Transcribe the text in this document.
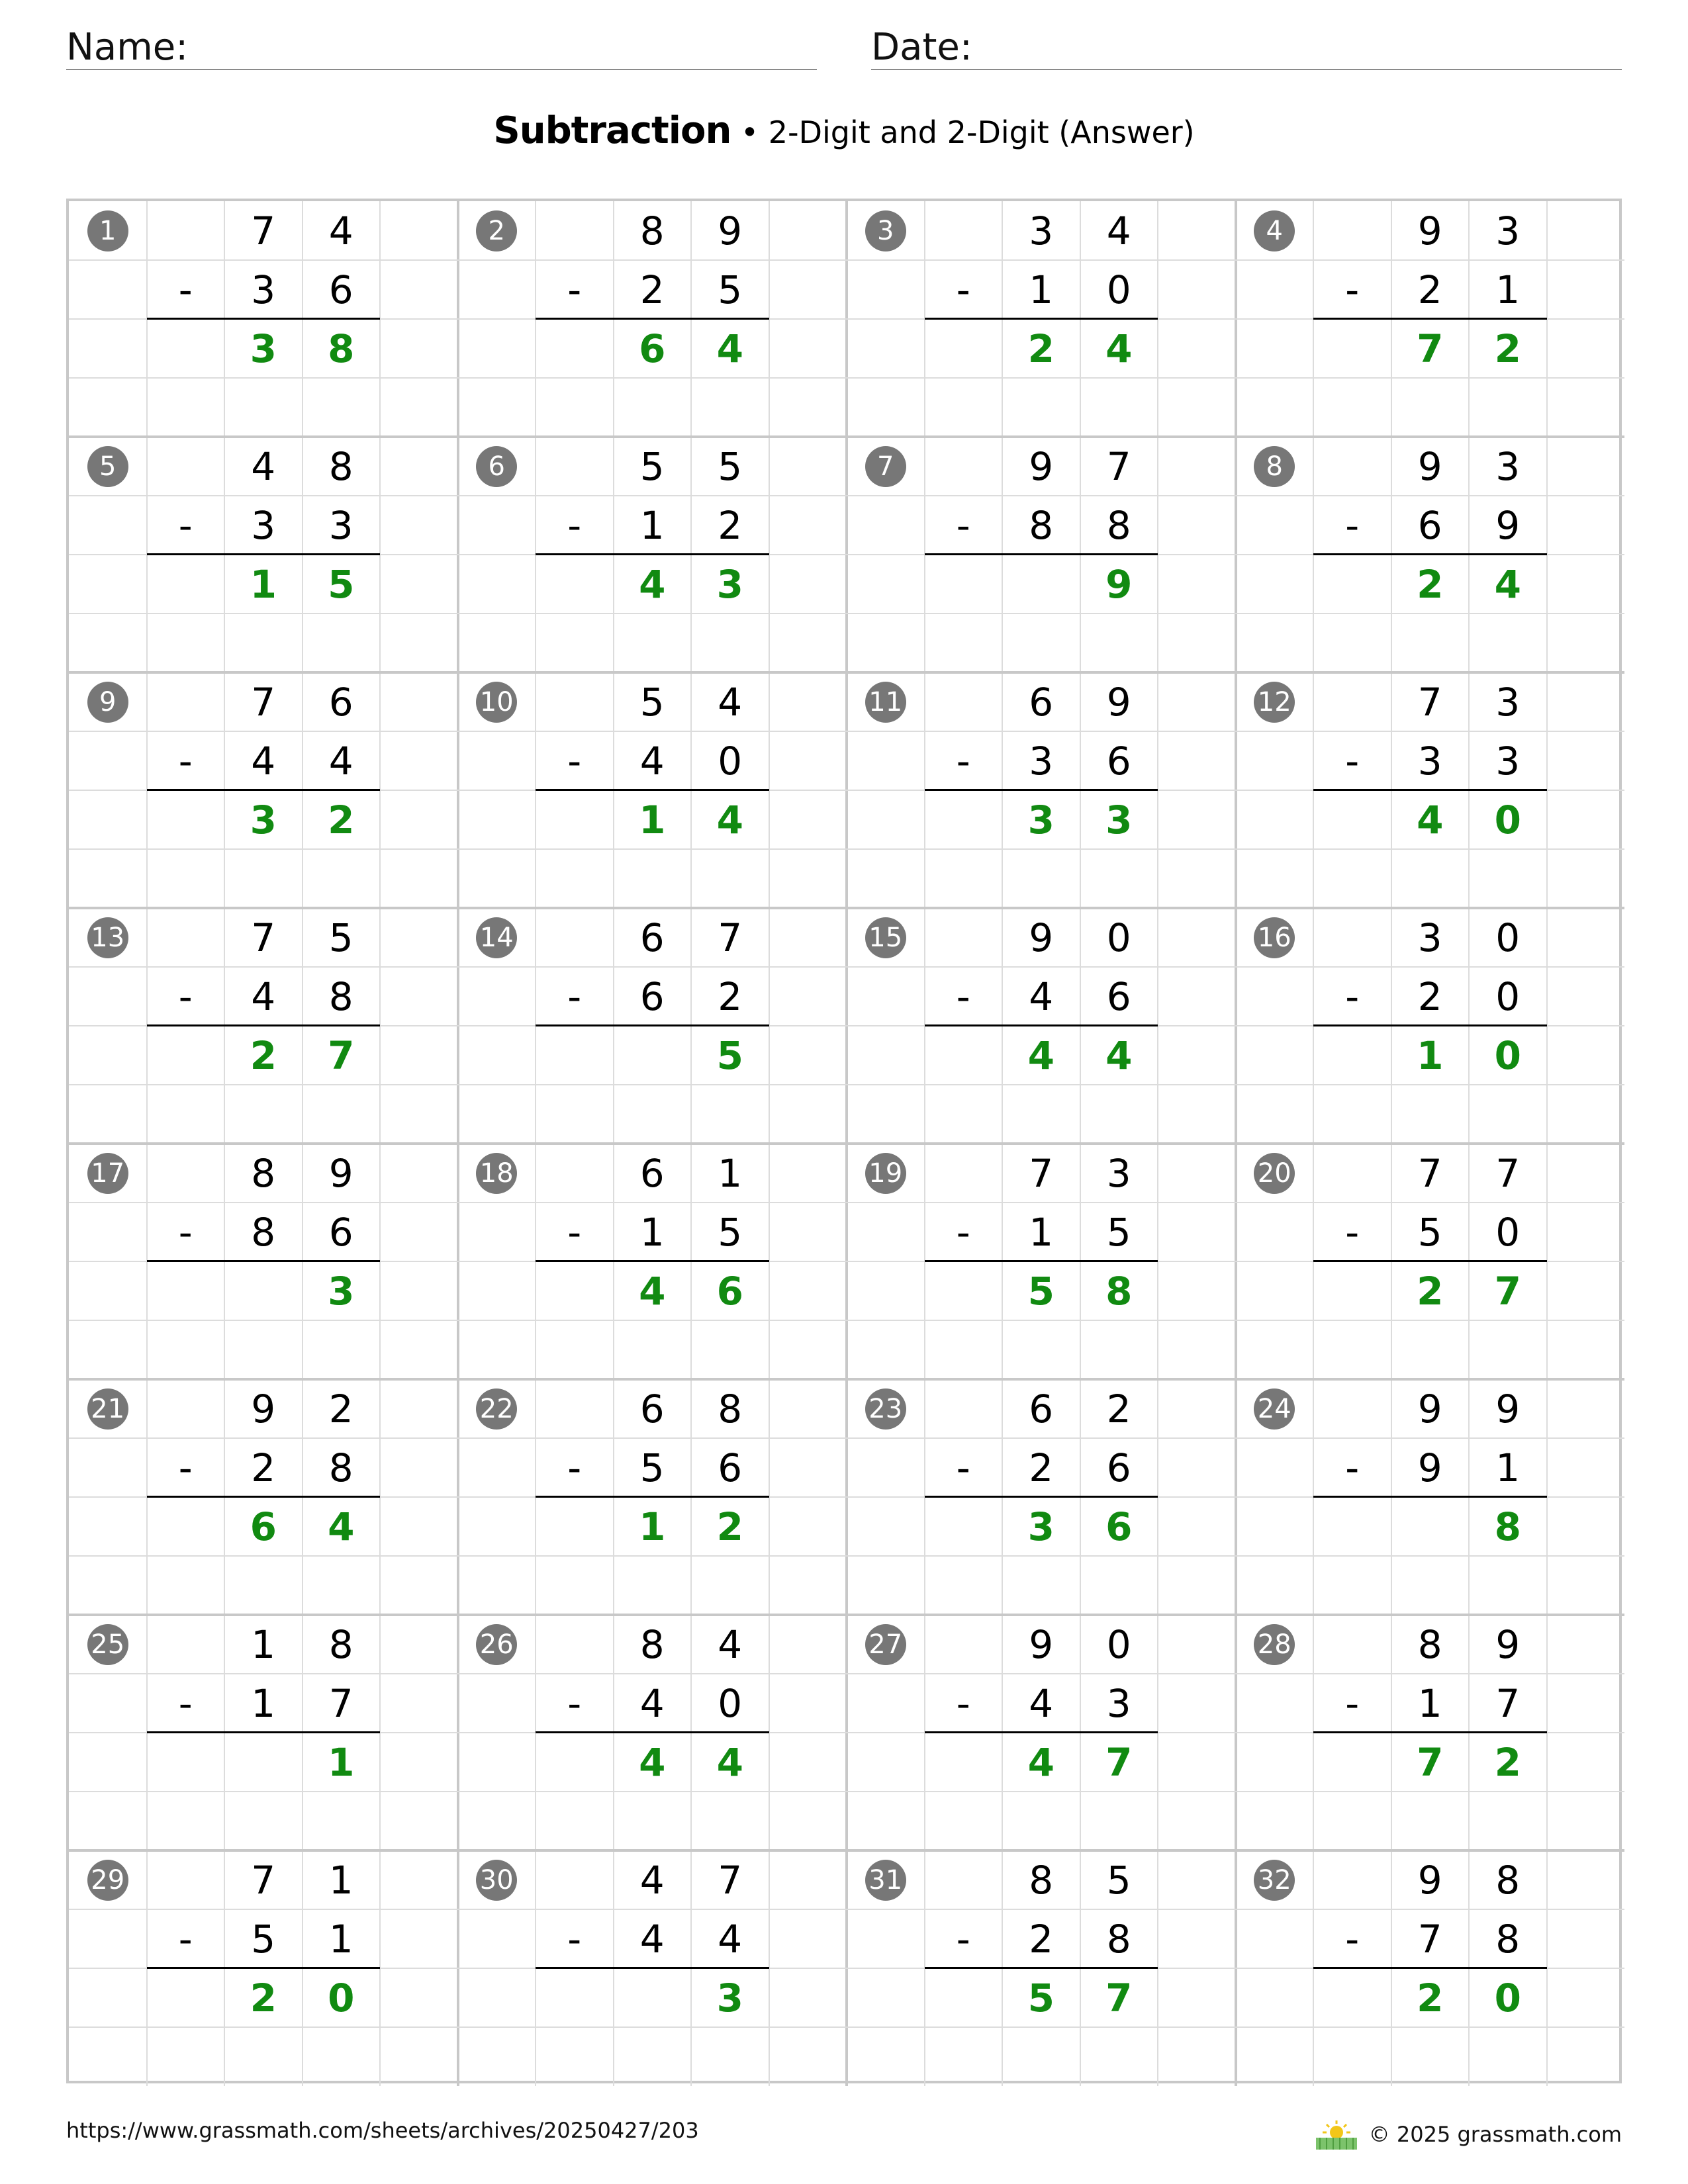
Name:	Date:
Subtraction • 2-Digit and 2-Digit (Answer)
1	7	4
-	3	6
3	8
2	8	9
-	2	5
6	4
3	3	4
-	1	0
2	4
4	9	3
-	2	1
7	2
5	4	8
-	3	3
1	5
6	5	5
-	1	2
4	3
7	9	7
-	8	8
9
8	9	3
-	6	9
2	4
9	7	6
-	4	4
3	2
10	5	4
-	4	0
1	4
11	6	9
-	3	6
3	3
12	7	3
-	3	3
4	0
13	7	5
-	4	8
2	7
14	6	7
-	6	2
5
15	9	0
-	4	6
4	4
16	3	0
-	2	0
1	0
17	8	9
-	8	6
3
18	6	1
-	1	5
4	6
19	7	3
-	1	5
5	8
20	7	7
-	5	0
2	7
21	9	2
-	2	8
6	4
22	6	8
-	5	6
1	2
23	6	2
-	2	6
3	6
24	9	9
-	9	1
8
25	1	8
-	1	7
1
26	8	4
-	4	0
4	4
27	9	0
-	4	3
4	7
28	8	9
-	1	7
7	2
29	7	1
-	5	1
2	0
30	4	7
-	4	4
3
31	8	5
-	2	8
5	7
32	9	8
-	7	8
2	0
https://www.grassmath.com/sheets/archives/20250427/203	© 2025 grassmath.com
